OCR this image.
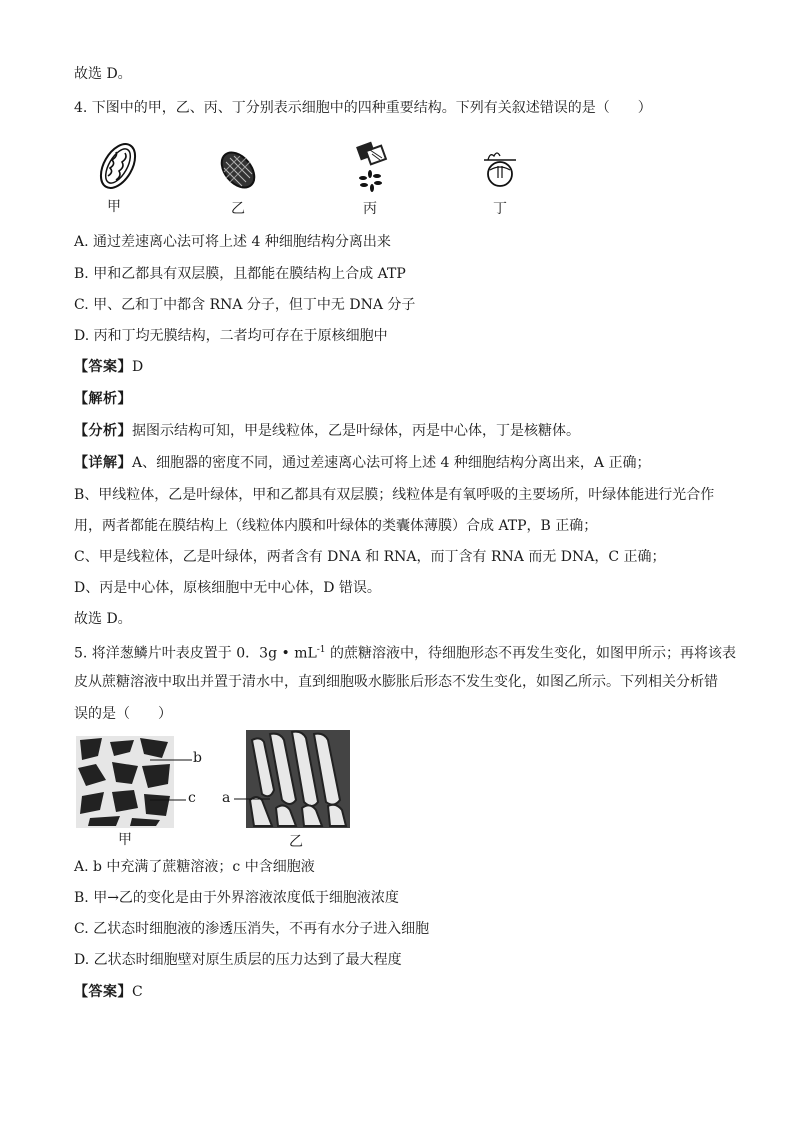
故选 D。
4. 下图中的甲，乙、丙、丁分别表示细胞中的四种重要结构。下列有关叙述错误的是（　　）
甲	乙	丙	丁
A. 通过差速离心法可将上述 4 种细胞结构分离出来
B. 甲和乙都具有双层膜，且都能在膜结构上合成 ATP
C. 甲、乙和丁中都含 RNA 分子，但丁中无 DNA 分子
D. 丙和丁均无膜结构，二者均可存在于原核细胞中
【答案】D
【解析】
【分析】据图示结构可知，甲是线粒体，乙是叶绿体，丙是中心体，丁是核糖体。
【详解】A、细胞器的密度不同，通过差速离心法可将上述 4 种细胞结构分离出来，A 正确；
B、甲线粒体，乙是叶绿体，甲和乙都具有双层膜；线粒体是有氧呼吸的主要场所，叶绿体能进行光合作
用，两者都能在膜结构上（线粒体内膜和叶绿体的类囊体薄膜）合成 ATP，B 正确；
C、甲是线粒体，乙是叶绿体，两者含有 DNA 和 RNA，而丁含有 RNA 而无 DNA，C 正确；
D、丙是中心体，原核细胞中无中心体，D 错误。
故选 D。
5. 将洋葱鳞片叶表皮置于 0．3g • $mL^{-1}$ 的蔗糖溶液中，待细胞形态不再发生变化，如图甲所示；再将该表
皮从蔗糖溶液中取出并置于清水中，直到细胞吸水膨胀后形态不发生变化，如图乙所示。下列相关分析错
误的是（　　）
b
c
甲
a
乙
A. b 中充满了蔗糖溶液；c 中含细胞液
B. 甲→乙的变化是由于外界溶液浓度低于细胞液浓度
C. 乙状态时细胞液的渗透压消失，不再有水分子进入细胞
D. 乙状态时细胞壁对原生质层的压力达到了最大程度
【答案】C
